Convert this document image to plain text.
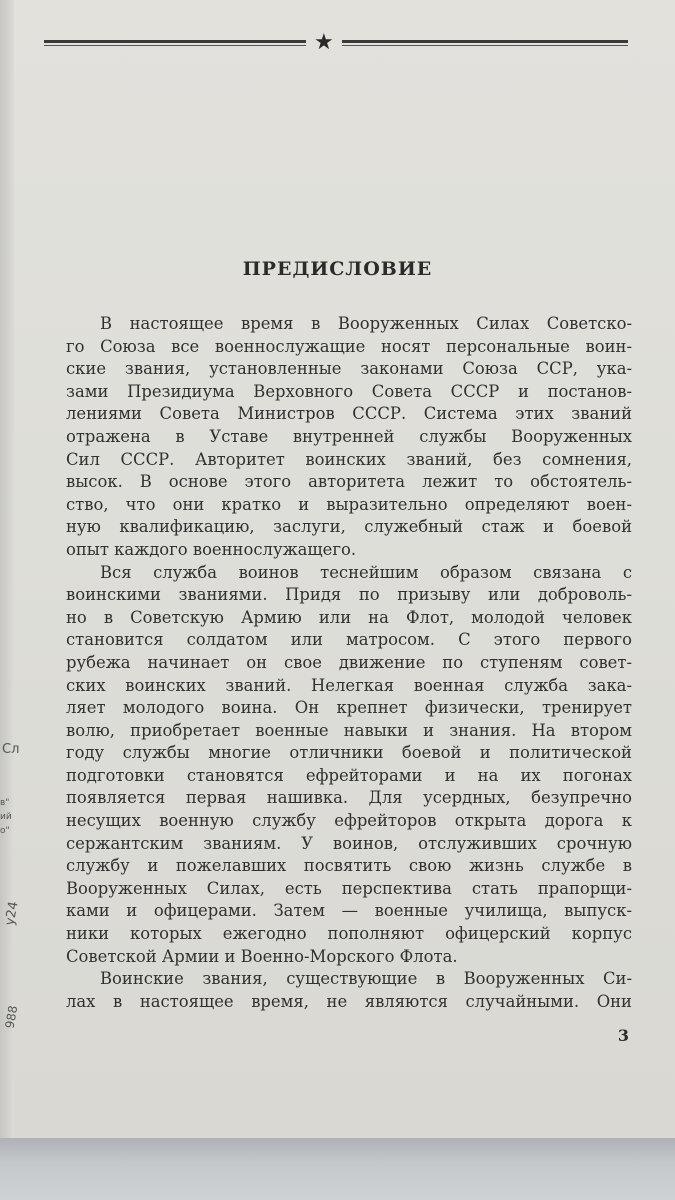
★
ПРЕДИСЛОВИЕ
В настоящее время в Вооруженных Силах Советско-
го Союза все военнослужащие носят персональные воин-
ские звания, установленные законами Союза ССР, ука-
зами Президиума Верховного Совета СССР и постанов-
лениями Совета Министров СССР. Система этих званий
отражена в Уставе внутренней службы Вооруженных
Сил СССР. Авторитет воинских званий, без сомнения,
высок. В основе этого авторитета лежит то обстоятель-
ство, что они кратко и выразительно определяют воен-
ную квалификацию, заслуги, служебный стаж и боевой
опыт каждого военнослужащего.
Вся служба воинов теснейшим образом связана с
воинскими званиями. Придя по призыву или доброволь-
но в Советскую Армию или на Флот, молодой человек
становится солдатом или матросом. С этого первого
рубежа начинает он свое движение по ступеням совет-
ских воинских званий. Нелегкая военная служба зака-
ляет молодого воина. Он крепнет физически, тренирует
волю, приобретает военные навыки и знания. На втором
году службы многие отличники боевой и политической
подготовки становятся ефрейторами и на их погонах
появляется первая нашивка. Для усердных, безупречно
несущих военную службу ефрейторов открыта дорога к
сержантским званиям. У воинов, отслуживших срочную
службу и пожелавших посвятить свою жизнь службе в
Вооруженных Силах, есть перспектива стать прапорщи-
ками и офицерами. Затем — военные училища, выпуск-
ники которых ежегодно пополняют офицерский корпус
Советской Армии и Военно-Морского Флота.
Воинские звания, существующие в Вооруженных Си-
лах в настоящее время, не являются случайными. Они
3
Сл
в"
ий
о"
у24
988
